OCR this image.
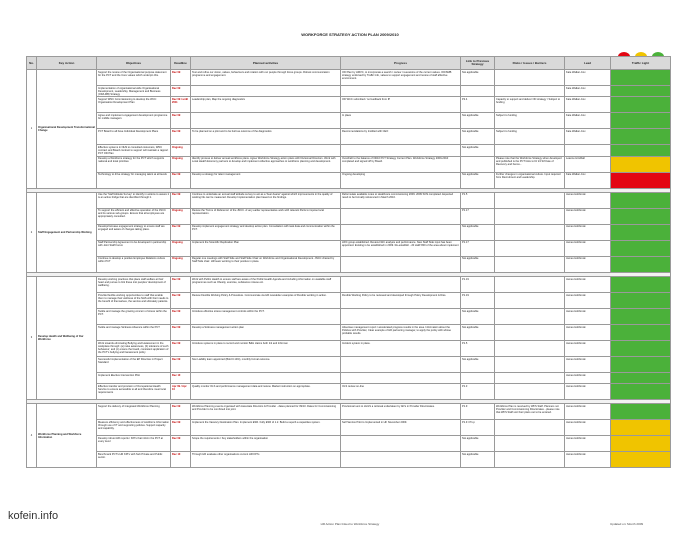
WORKFORCE STRATEGY ACTION PLAN 2009/2010
No.	Key Action	Objectives	Deadline	Planned activities	Progress	Link to Previous Strategy	Risks / Issues / Barriers	Lead	Traffic Light
1	Organisational Development Transformational Change	Support the review of the Organisational purpose statement for the PCT and the Core values which underpin this.	Dec 09	Test and refine our vision, values, behaviours and rotation with our people through focus groups. Robust communication programme and engagement.	OD Plan by HMVC, to incorporate a search / review / reexamine of the current values. OD/SMB strategy endorsed by Traffic Info, values to support engagement and review of staff affective environment.	Not applicable		Kate Walker-Cox	
		Implementation of organisational wide Organisational Development, Leadership, Management and Business (OD/LMB) Strategy	Dec 09					Kate Walker-Cox	
		Support WNC Commissioning to develop the WCC Organisation Development Plan	Dec 09 / until 2011	Leadership plan, Map the ongoing diagnostics	OD WCC submitted / no feedback from IP	P2.4	Capacity to support and deliver OD strategy / Subject to funding	Kate Walker-Cox	
		Agree and implement engagement development programme for middle managers	Dec 09		In place	Not applicable	Subject to funding	Kate Walker-Cox	
		PCT Board to all have Individual Development Plans	Dec 09	To be planned on a pilot and to be built as outcome of the diagnostics	Recommendations by Instilled with CEO	Not applicable	Subject to funding	Kate Walker-Cox	
		Effective systems in NHS to consulted costumers, WNC contract and Board contract to support will maintain a rapport PCT OD Plan	Ongoing			Not applicable			
		Develop a Workforce strategy for the PCT which supports national and local priorities	Ongoing	Identify process to deliver annual workforce plans. Agree Workforce Strategy action plans with Divisional Directors. Work with Local Health Economy partners to develop and implement collective approaches to workforce planning and development.	Overdraft to the balance of 09/10 PCT Strategy Current Plan. Workforce Strategy 2009-2010 completed and signed off by Board.		Please note that the Workforce Strategy when developed and published is the PCT links to Dr 24 Stf Kate of Recovery and hence...	Leanne Hindhall	
		Technology to drive strategy for managing talent at all levels	Dec 09	Develop a strategy for talent management	Ongoing developing	Not applicable	Further changes in organisational culture. Input required from Recruitment and Leadership.	Kate Walker-Cox	

2	Staff Engagement and Partnership Working	Use the 'Staff Attitude Survey' to identify in actions to assure it is an active bridge that are identified through it.	Dec 09	Continue to undertake an annual staff attitude survey to act as a 'hear-hearer' against which improvements in the quality of working life can be measured. Develop Implementation plan based on the findings.	Reformulate available notes to Healthcare commissioning 2009. 2009 SOS completed. Expected result to be formally referenced in March 2010.	P1.5		James Hobbrook	
		To support the efficient and effective operation of the JNCC and its various sub-groups. Ensure that all employees are appropriately consulted.	Ongoing	Review the 'Terms of Reference' of the JNCC. A very earlier representative work with relevant Parts to impose local representation.		P1.17		James Hobbrook	
		Develop/increase engagement strategy to ensure staff are engaged and aware of changes taking place.	Dec 09	Develop implement engagement strategy and develop action plan. Consultation with task data and communication within the PCT.		Not applicable		James Hobbrook	
		Staff Partnership Agreement to be developed in partnership with Joint Staff Forum	Ongoing	Implement the Scientific Replication Plan	LWC group established. Review LWC analysis and performance. New Staff Side input has been appointed. Existing is be established in 2009. Re-establish - 20 staff/ 800 of the area about implement	P1.17		James Hobbrook	
		Continue to develop a positive Employee Relations culture within PCT	Ongoing	Regular one meetings with Staff Side and Staff Side Chair on Workforce and Organisational Development. JNCC chaired by Staff Side chair. HR team working to their positive in place.		Not applicable		James Hobbrook	

3	Develop Health and Wellbeing of Our Workforce	Develop working practices that place staff welfare at their heart and pursue to link these into peoples' development of wellbeing.	Dec 09	Work with Public Health to ensure staff are aware of the Public Health Agenda and including information on available staff programmes such as Obesity, exercise, substance misuse etc.		P1.19		James Hobbrook	
		Provide flexible working opportunities to staff that enable them to manage their wellness of the NHS with their needs to the benefit of themselves, the service and ultimately patients.	Dec 09	Review Flexible Working Policy & Procedure. Communicate via HR newsletter examples of Flexible working in action.	Flexible Working Policy to be reviewed and developed through Policy Development & Diss.	P1.19		James Hobbrook	
		Tackle and manage the growing concern of stress within the PCT.	Dec 09	Introduce effective stress management controls within the PCT.		Not applicable		James Hobbrook	
		Tackle and manage Sickness Absence within the PCT	Dec 09	Develop a Sickness management action plan	Absentee management report / accelerated progress results in the area. Information about the Policies with Provider, Clear example of HR partnering manager, to apply the policy with whose probable results.	Not applicable		James Hobbrook	
		Work towards eliminating Bullying and Harassment in the workplace through: (a) raise awareness, (b) tolerance of such behaviour; and (c) ensure the board, consistent application of the PCT's bullying and harassment policy	Dec 09	Introduce systems in place to record and monitor B&H claims both Init and Informal.	Incident system in place.	P1.5		James Hobbrook	
		Successful implementation of the EP Directive in Project Standard	Dec 09	Non Liability learn appointed (Bold 0.13/4), monthly formal outcome.		Not applicable		James Hobbrook	
		Implement Elective Intervention Pilot	Dec 10					James Hobbrook	
		Effective transfer and provision of Occupational Health Service to ensure accessible to all and therefore meet local requirements	Apr 09 / Apr 10	Quality monitor OLS and performance management data and review. Market instruction on appropriate.	OLS review on-line	P1.3		James Hobbrook	

4	Workforce Planning and Workforce Information	Support the delivery of Integrated Workforce Planning	Dec 09	Workforce Planning events organised with Associate Directors & Provider - dates planned for 09/10. Dates for Commissioning and Provider to be combined into joint.	Provisional sent to HLGS a retrieval undertaken by AD's in Provider Directorates.	P1.9	Workforce Plan is received by WFS Staff. Planners not Provider and Commissioning Directorates - please note that WFS Staff sort their plans out to be entered.	James Hobbrook	
		Measure efficiency and effectiveness of workforce Information through use of IT and supporting policies. Support capacity and capability.	Dec 09	Implement the Vacancy Destination Plan. Implement ESR. Fully ESR of 1.2. Build a superb a capacities system.	Self Service Pilot to Implemented in HF November 2009.	P1.9 / P1.p		James Hobbrook	
		Develop robust HR reports / KPI's that inform the PCT at every level	Dec 09	Scope the requirements / Key stakeholders within the organisation		Not applicable		James Hobbrook	
		Benchmark PCT's HR KPI's with Sub Private and Public sector.	Dec 10	Through HR evaluate other organisations current HR KPI's		Not applicable		James Hobbrook	
kofein.info
HR Action Plan linked to Workforce Strategy	Updated on: Month 2009
